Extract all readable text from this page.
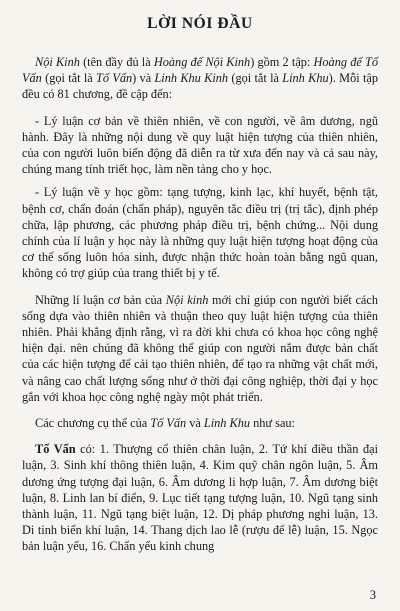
LỜI NÓI ĐẦU

Nội Kinh (tên đầy đủ là Hoàng đế Nội Kinh) gồm 2 tập: Hoàng đế Tố Vấn (gọi tắt là Tố Vấn) và Linh Khu Kinh (gọi tắt là Linh Khu). Mỗi tập đều có 81 chương, đề cập đến:

- Lý luận cơ bản về thiên nhiên, về con người, về âm dương, ngũ hành. Đây là những nội dung về quy luật hiện tượng của thiên nhiên, của con người luôn biến động đã diễn ra từ xưa đến nay và cả sau này, chúng mang tính triết học, làm nền tảng cho y học.

- Lý luận về y học gồm: tạng tượng, kinh lạc, khí huyết, bệnh tật, bệnh cơ, chẩn đoán (chẩn pháp), nguyên tắc điều trị (trị tắc), định phép chữa, lập phương, các phương pháp điều trị, bệnh chứng... Nội dung chính của lí luận y học này là những quy luật hiện tượng hoạt động của cơ thể sống luôn hóa sinh, được nhận thức hoàn toàn bằng ngũ quan, không có trợ giúp của trang thiết bị y tế.

Những lí luận cơ bản của Nội kinh mới chỉ giúp con người biết cách sống dựa vào thiên nhiên và thuận theo quy luật hiện tượng của thiên nhiên. Phải khẳng định rằng, vì ra đời khi chưa có khoa học công nghệ hiện đại. nên chúng đã không thể giúp con người nắm được bản chất của các hiện tượng để cải tạo thiên nhiên, để tạo ra những vật chất mới, và nâng cao chất lượng sống như ở thời đại công nghiệp, thời đại y học gắn với khoa học công nghệ ngày một phát triển.

Các chương cụ thể của Tố Vấn và Linh Khu như sau:

Tố Vấn có: 1. Thượng cổ thiên chân luận, 2. Tứ khí điều thần đại luận, 3. Sinh khí thông thiên luận, 4. Kim quỹ chân ngôn luận, 5. Âm dương ứng tượng đại luận, 6. Âm dương li hợp luận, 7. Âm dương biệt luận, 8. Linh lan bí điển, 9. Lục tiết tạng tượng luận, 10. Ngũ tạng sinh thành luận, 11. Ngũ tạng biệt luận, 12. Dị pháp phương nghi luận, 13. Di tinh biến khí luận, 14. Thang dịch lao lễ (rượu để lễ) luận, 15. Ngọc bản luận yếu, 16. Chẩn yếu kinh chung

3
